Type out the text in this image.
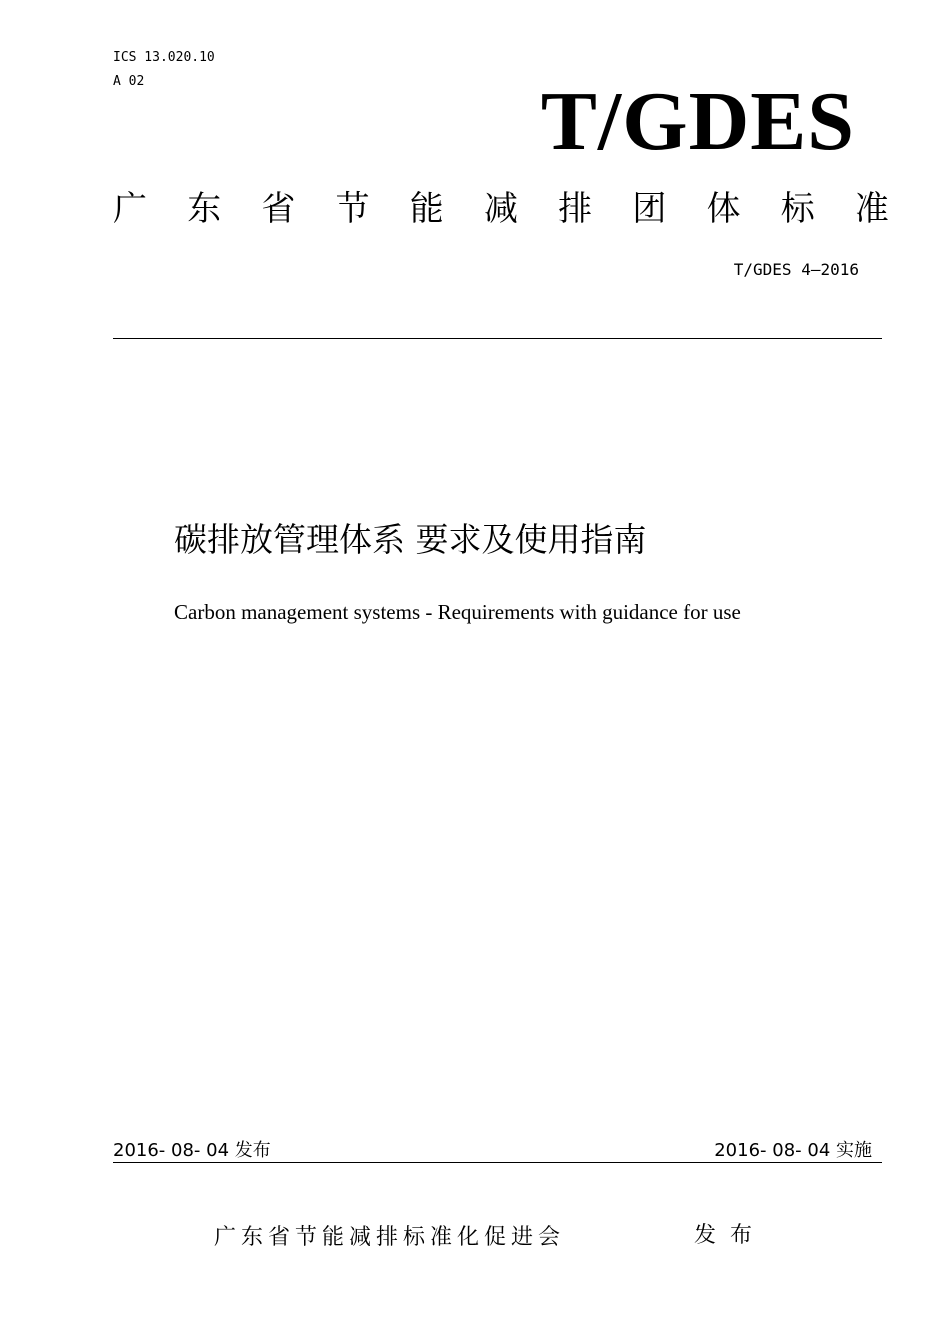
ICS 13.020.10
A 02	T/GDES
广 东 省 节 能 减 排 团 体 标 准
T/GDES 4—2016
碳排放管理体系 要求及使用指南
Carbon management systems - Requirements with guidance for use
2016- 08- 04 发布	2016- 08- 04 实施
广东省节能减排标准化促进会	发布
